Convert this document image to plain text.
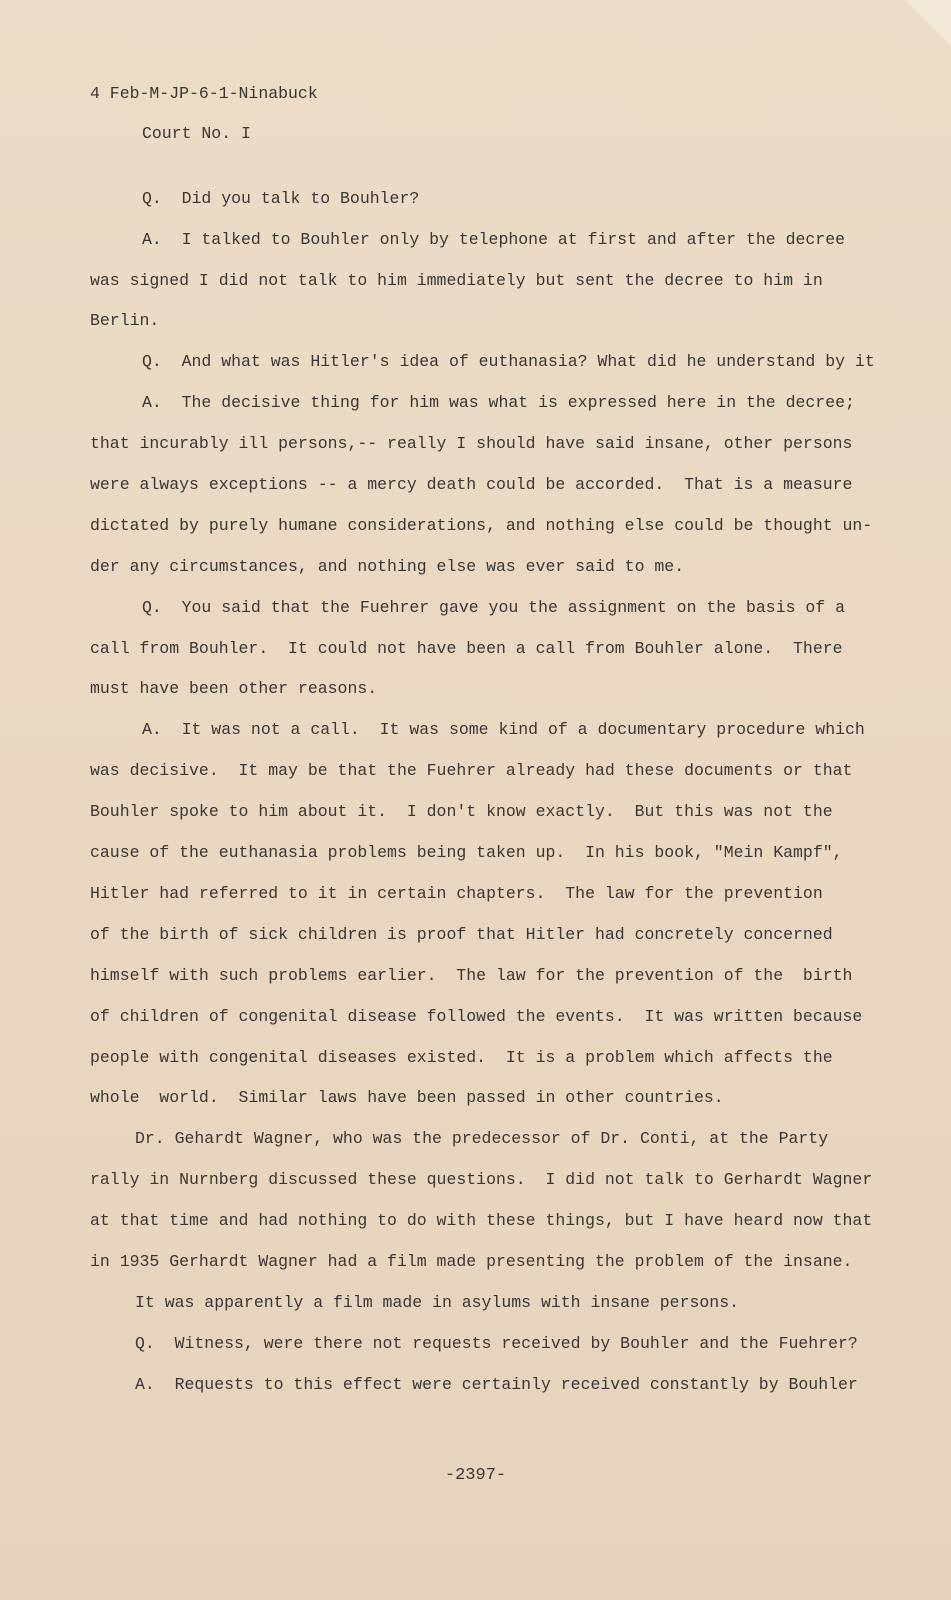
4 Feb-M-JP-6-1-Ninabuck
Court No. I
Q.  Did you talk to Bouhler?
A.  I talked to Bouhler only by telephone at first and after the decree
was signed I did not talk to him immediately but sent the decree to him in
Berlin.
Q.  And what was Hitler's idea of euthanasia? What did he understand by it
A.  The decisive thing for him was what is expressed here in the decree;
that incurably ill persons,-- really I should have said insane, other persons
were always exceptions -- a mercy death could be accorded.  That is a measure
dictated by purely humane considerations, and nothing else could be thought un-
der any circumstances, and nothing else was ever said to me.
Q.  You said that the Fuehrer gave you the assignment on the basis of a
call from Bouhler.  It could not have been a call from Bouhler alone.  There
must have been other reasons.
A.  It was not a call.  It was some kind of a documentary procedure which
was decisive.  It may be that the Fuehrer already had these documents or that
Bouhler spoke to him about it.  I don't know exactly.  But this was not the
cause of the euthanasia problems being taken up.  In his book, "Mein Kampf",
Hitler had referred to it in certain chapters.  The law for the prevention
of the birth of sick children is proof that Hitler had concretely concerned
himself with such problems earlier.  The law for the prevention of the  birth
of children of congenital disease followed the events.  It was written because
people with congenital diseases existed.  It is a problem which affects the
whole  world.  Similar laws have been passed in other countries.
Dr. Gehardt Wagner, who was the predecessor of Dr. Conti, at the Party
rally in Nurnberg discussed these questions.  I did not talk to Gerhardt Wagner
at that time and had nothing to do with these things, but I have heard now that
in 1935 Gerhardt Wagner had a film made presenting the problem of the insane.
It was apparently a film made in asylums with insane persons.
Q.  Witness, were there not requests received by Bouhler and the Fuehrer?
A.  Requests to this effect were certainly received constantly by Bouhler
-2397-
